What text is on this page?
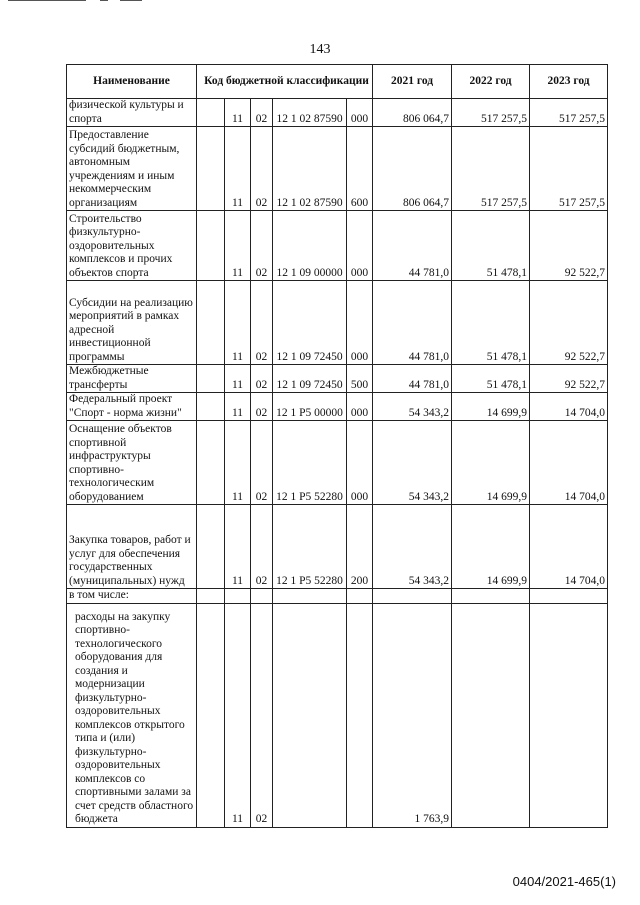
143
Наименование	Код бюджетной классификации					2021 год	2022 год	2023 год
физической культуры и спорта		11	02	12 1 02 87590	000	806 064,7	517 257,5	517 257,5
Предоставление субсидий бюджетным, автономным учреждениям и иным некоммерческим организациям		11	02	12 1 02 87590	600	806 064,7	517 257,5	517 257,5
Строительство физкультурно-оздоровительных комплексов и прочих объектов спорта		11	02	12 1 09 00000	000	44 781,0	51 478,1	92 522,7
Субсидии на реализацию мероприятий в рамках адресной инвестиционной программы		11	02	12 1 09 72450	000	44 781,0	51 478,1	92 522,7
Межбюджетные трансферты		11	02	12 1 09 72450	500	44 781,0	51 478,1	92 522,7
Федеральный проект "Спорт - норма жизни"		11	02	12 1 P5 00000	000	54 343,2	14 699,9	14 704,0
Оснащение объектов спортивной инфраструктуры спортивно-технологическим оборудованием		11	02	12 1 P5 52280	000	54 343,2	14 699,9	14 704,0
Закупка товаров, работ и услуг для обеспечения государственных (муниципальных) нужд		11	02	12 1 P5 52280	200	54 343,2	14 699,9	14 704,0
в том числе:								
расходы на закупку спортивно-технологического оборудования для создания и модернизации физкультурно-оздоровительных комплексов открытого типа и (или) физкультурно-оздоровительных комплексов со спортивными залами за счет средств областного бюджета		11	02			1 763,9		
0404/2021-465(1)
